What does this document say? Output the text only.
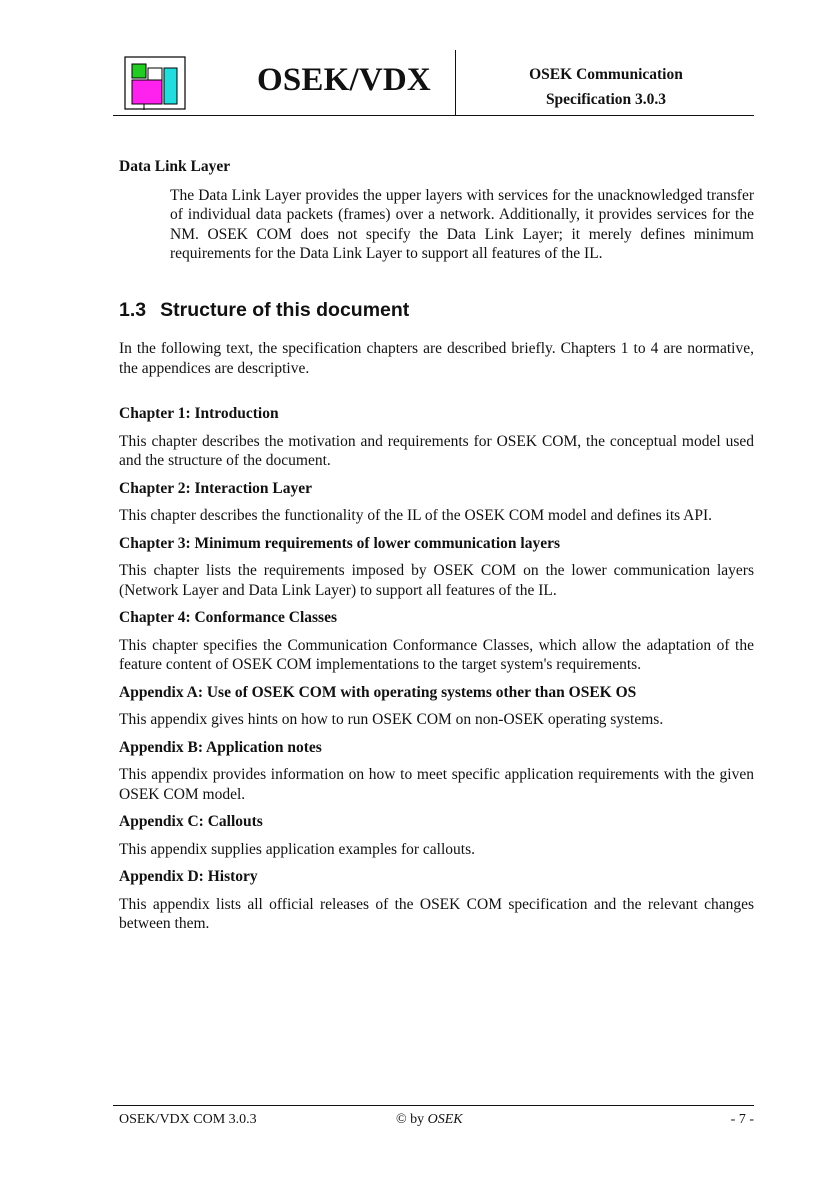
OSEK/VDX	OSEK Communication
Specification 3.0.3
Data Link Layer

The Data Link Layer provides the upper layers with services for the unacknowledged transfer of individual data packets (frames) over a network. Additionally, it provides services for the NM. OSEK COM does not specify the Data Link Layer; it merely defines minimum requirements for the Data Link Layer to support all features of the IL.

1.3 Structure of this document

In the following text, the specification chapters are described briefly. Chapters 1 to 4 are normative, the appendices are descriptive.

Chapter 1: Introduction

This chapter describes the motivation and requirements for OSEK COM, the conceptual model used and the structure of the document.

Chapter 2: Interaction Layer

This chapter describes the functionality of the IL of the OSEK COM model and defines its API.

Chapter 3: Minimum requirements of lower communication layers

This chapter lists the requirements imposed by OSEK COM on the lower communication layers (Network Layer and Data Link Layer) to support all features of the IL.

Chapter 4: Conformance Classes

This chapter specifies the Communication Conformance Classes, which allow the adaptation of the feature content of OSEK COM implementations to the target system's requirements.

Appendix A: Use of OSEK COM with operating systems other than OSEK OS

This appendix gives hints on how to run OSEK COM on non-OSEK operating systems.

Appendix B: Application notes

This appendix provides information on how to meet specific application requirements with the given OSEK COM model.

Appendix C: Callouts

This appendix supplies application examples for callouts.

Appendix D: History

This appendix lists all official releases of the OSEK COM specification and the relevant changes between them.

OSEK/VDX COM 3.0.3	© by OSEK	- 7 -
